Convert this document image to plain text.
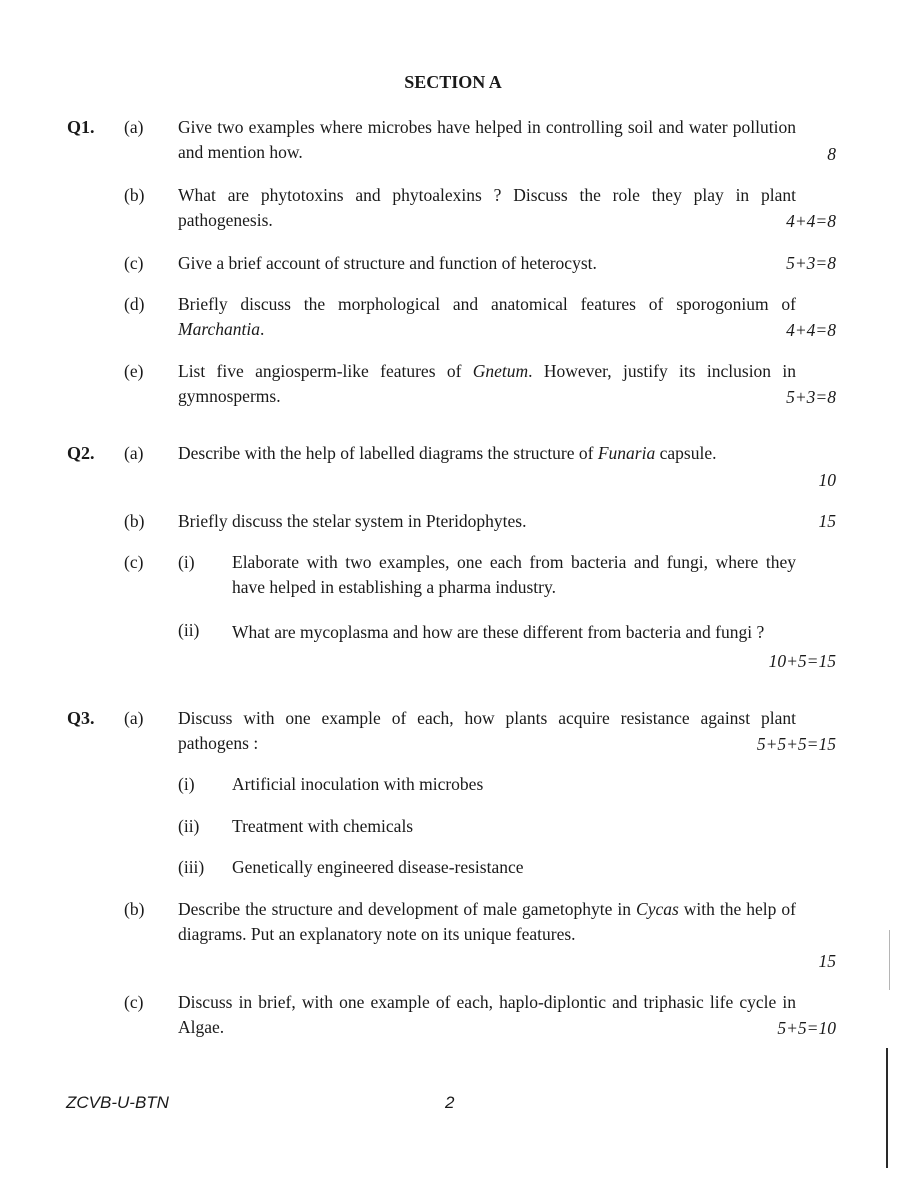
SECTION A
Q1. (a) Give two examples where microbes have helped in controlling soil and water pollution and mention how.	8
(b) What are phytotoxins and phytoalexins ? Discuss the role they play in plant pathogenesis.	4+4=8
(c) Give a brief account of structure and function of heterocyst.	5+3=8
(d) Briefly discuss the morphological and anatomical features of sporogonium of Marchantia.	4+4=8
(e) List five angiosperm-like features of Gnetum. However, justify its inclusion in gymnosperms.	5+3=8
Q2. (a) Describe with the help of labelled diagrams the structure of Funaria capsule.
10
(b) Briefly discuss the stelar system in Pteridophytes.	15
(c) (i) Elaborate with two examples, one each from bacteria and fungi, where they have helped in establishing a pharma industry.
(ii) What are mycoplasma and how are these different from bacteria and fungi ?
10+5=15
Q3. (a) Discuss with one example of each, how plants acquire resistance against plant pathogens :	5+5+5=15
(i) Artificial inoculation with microbes
(ii) Treatment with chemicals
(iii) Genetically engineered disease-resistance
(b) Describe the structure and development of male gametophyte in Cycas with the help of diagrams. Put an explanatory note on its unique features.
15
(c) Discuss in brief, with one example of each, haplo-diplontic and triphasic life cycle in Algae.	5+5=10
ZCVB-U-BTN	2
